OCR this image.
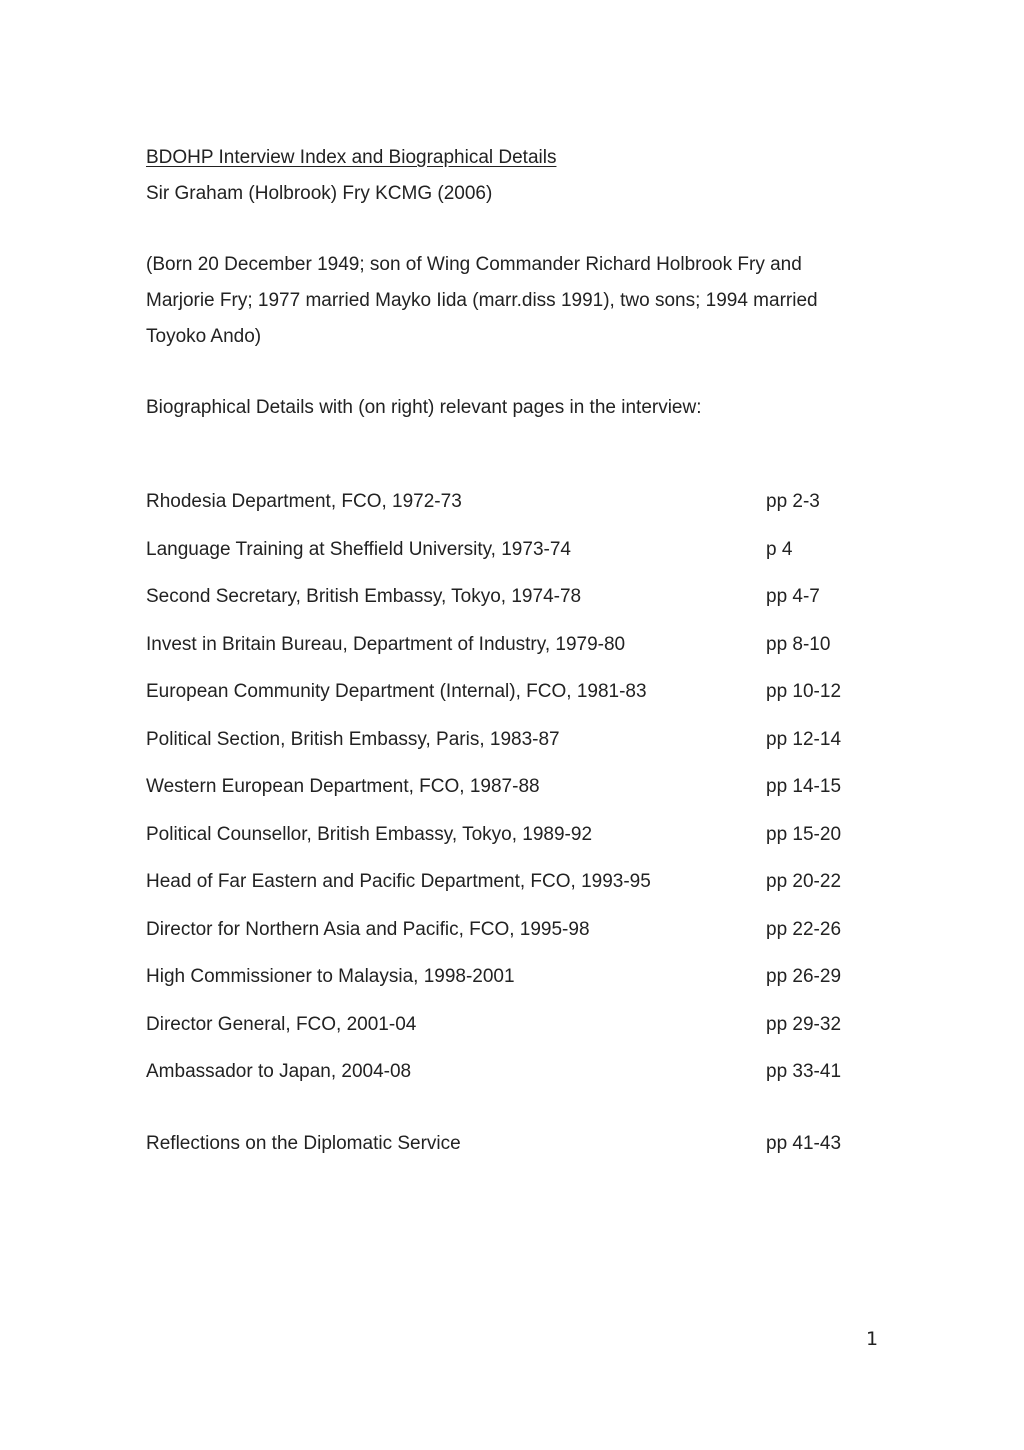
BDOHP Interview Index and Biographical Details
Sir Graham (Holbrook) Fry KCMG (2006)
(Born 20 December 1949; son of Wing Commander Richard Holbrook Fry and
Marjorie Fry; 1977 married Mayko Iida (marr.diss 1991), two sons; 1994 married
Toyoko Ando)
Biographical Details with (on right) relevant pages in the interview:
Rhodesia Department, FCO, 1972-73	pp 2-3
Language Training at Sheffield University, 1973-74	p 4
Second Secretary, British Embassy, Tokyo, 1974-78	pp 4-7
Invest in Britain Bureau, Department of Industry, 1979-80	pp 8-10
European Community Department (Internal), FCO, 1981-83	pp 10-12
Political Section, British Embassy, Paris, 1983-87	pp 12-14
Western European Department, FCO, 1987-88	pp 14-15
Political Counsellor, British Embassy, Tokyo, 1989-92	pp 15-20
Head of Far Eastern and Pacific Department, FCO, 1993-95	pp 20-22
Director for Northern Asia and Pacific, FCO, 1995-98	pp 22-26
High Commissioner to Malaysia, 1998-2001	pp 26-29
Director General, FCO, 2001-04	pp 29-32
Ambassador to Japan, 2004-08	pp 33-41
Reflections on the Diplomatic Service	pp 41-43
1
